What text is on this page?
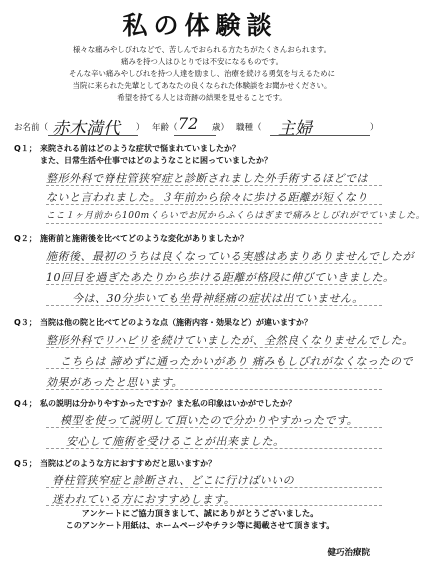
私の体験談
様々な痛みやしびれなどで、苦しんでおられる方たちがたくさんおられます。
痛みを持つ人はひとりでは不安になるものです。
そんな辛い痛みやしびれを持つ人達を励まし、治療を続ける勇気を与えるために
当院に来られた先輩としてあなたの良くなられた体験談をお聞かせください。
希望を持てる人とは奇跡の結果を見せることです。
お名前（ 赤木満代 ） 年齢（ 72 歳） 職種（ 主婦	）
Q１； 来院される前はどのような症状で悩まれていましたか？
また、日常生活や仕事ではどのようなことに困っていましたか？
整形外科で脊柱管狭窄症と診断されました外手術するほどでは
ないと言われました。３年前から徐々に歩ける距離が短くなり
ここ１ヶ月前から100mくらいでお尻からふくらはぎまで痛みとしびれがでていました。
Q２； 施術前と施術後を比べてどのような変化がありましたか？
施術後、最初のうちは良くなっている実感はあまりありませんでしたが
10回目を過ぎたあたりから歩ける距離が格段に伸びていきました。
今は、30分歩いても坐骨神経痛の症状は出ていません。
Q３； 当院は他の院と比べてどのような点（施術内容・効果など）が違いますか？
整形外科でリハビリを続けていましたが、全然良くなりませんでした。
こちらは 諦めずに通ったかいがあり 痛みもしびれがなくなったので
効果があったと思います。
Q４； 私の説明は分かりやすかったですか？また私の印象はいかがでしたか？
模型を使って説明して頂いたので分かりやすかったです。
安心して施術を受けることが出来ました。
Q５； 当院はどのような方におすすめだと思いますか？
脊柱管狭窄症と診断され、どこに行けばいいの
迷われている方におすすめします。
アンケートにご協力頂きまして、誠にありがとうございました。
このアンケート用紙は、ホームページやチラシ等に掲載させて頂きます。
健巧治療院
